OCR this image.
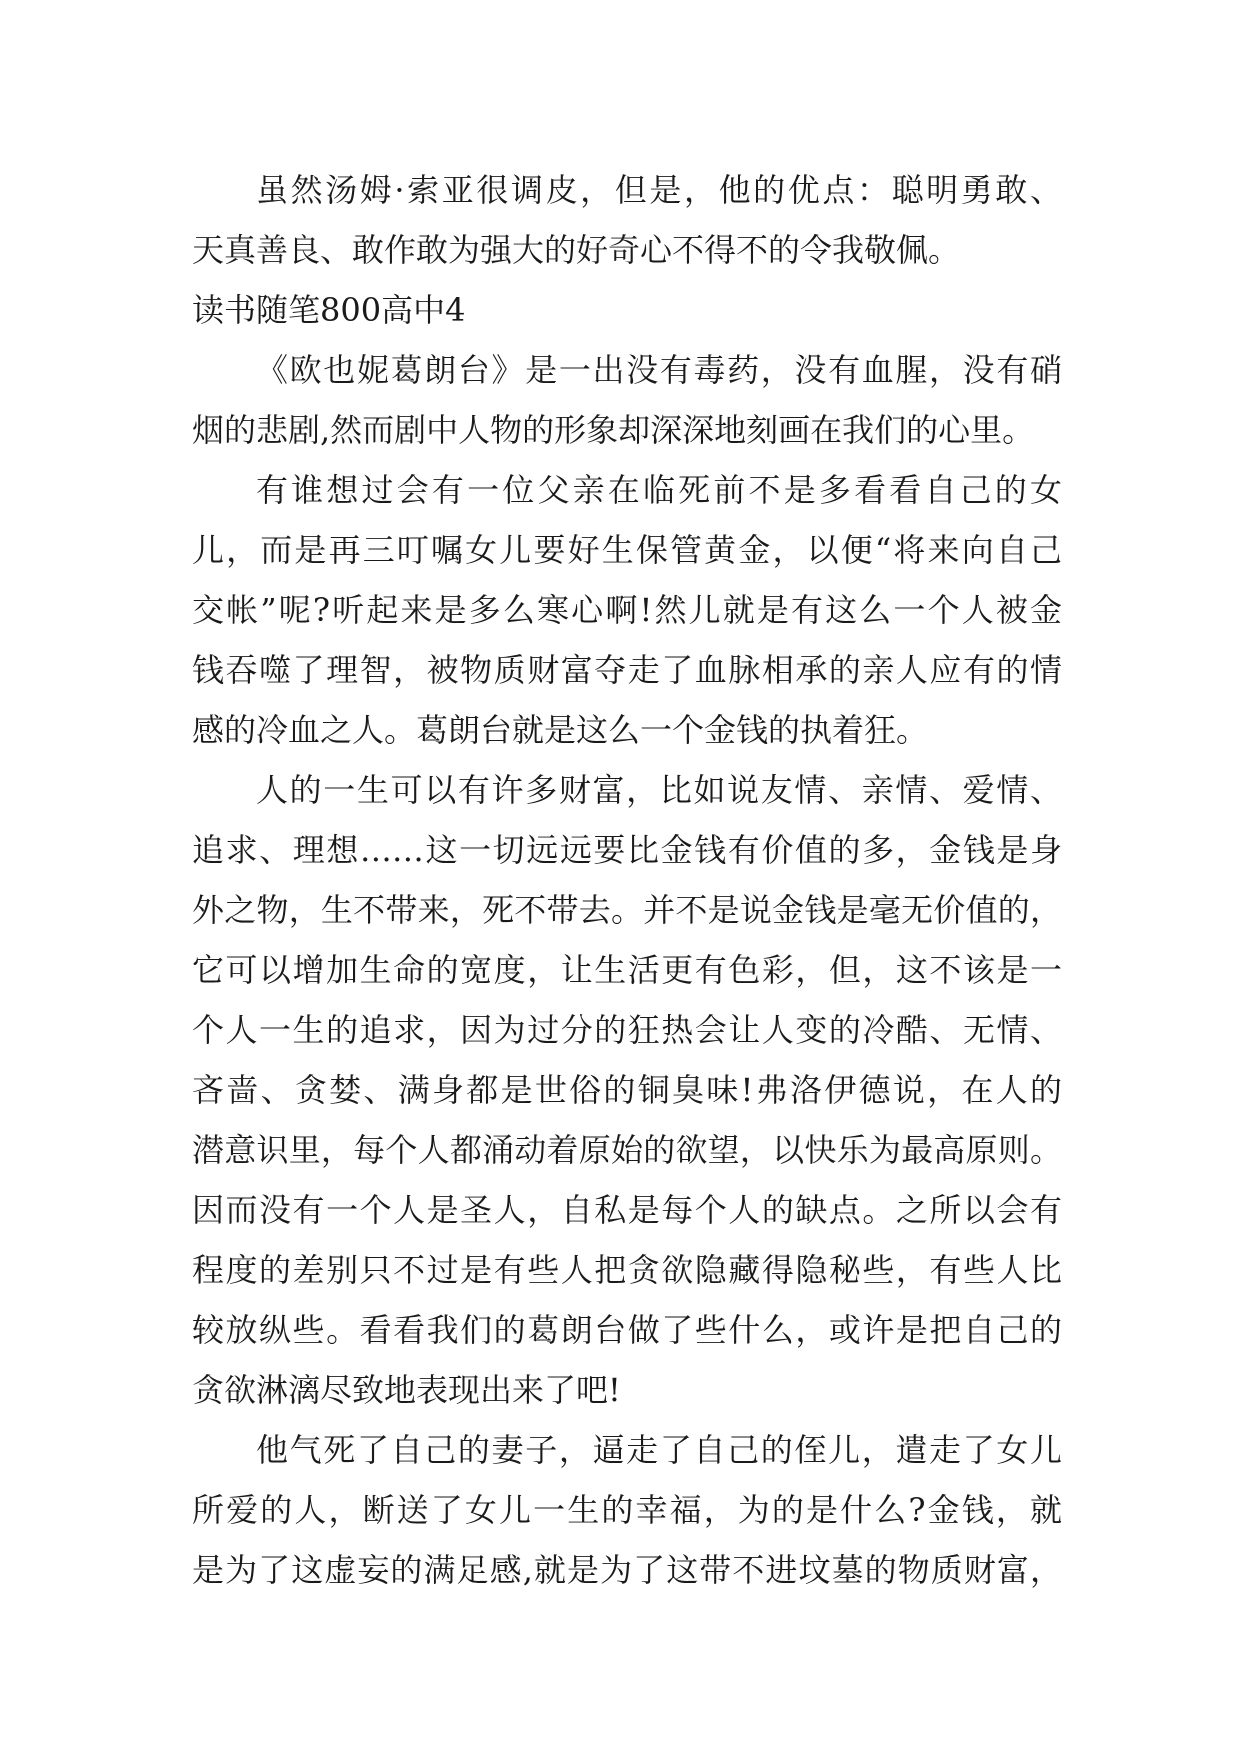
虽然汤姆·索亚很调皮，但是，他的优点：聪明勇敢、
天真善良、敢作敢为强大的好奇心不得不的令我敬佩。
读书随笔800高中4
《欧也妮葛朗台》是一出没有毒药，没有血腥，没有硝
烟的悲剧,然而剧中人物的形象却深深地刻画在我们的心里。
有谁想过会有一位父亲在临死前不是多看看自己的女
儿，而是再三叮嘱女儿要好生保管黄金，以便“将来向自己
交帐”呢?听起来是多么寒心啊!然儿就是有这么一个人被金
钱吞噬了理智，被物质财富夺走了血脉相承的亲人应有的情
感的冷血之人。葛朗台就是这么一个金钱的执着狂。
人的一生可以有许多财富，比如说友情、亲情、爱情、
追求、理想……这一切远远要比金钱有价值的多，金钱是身
外之物，生不带来，死不带去。并不是说金钱是毫无价值的，
它可以增加生命的宽度，让生活更有色彩，但，这不该是一
个人一生的追求，因为过分的狂热会让人变的冷酷、无情、
吝啬、贪婪、满身都是世俗的铜臭味!弗洛伊德说，在人的
潜意识里，每个人都涌动着原始的欲望，以快乐为最高原则。
因而没有一个人是圣人，自私是每个人的缺点。之所以会有
程度的差别只不过是有些人把贪欲隐藏得隐秘些，有些人比
较放纵些。看看我们的葛朗台做了些什么，或许是把自己的
贪欲淋漓尽致地表现出来了吧!
他气死了自己的妻子，逼走了自己的侄儿，遣走了女儿
所爱的人，断送了女儿一生的幸福，为的是什么?金钱，就
是为了这虚妄的满足感,就是为了这带不进坟墓的物质财富，
